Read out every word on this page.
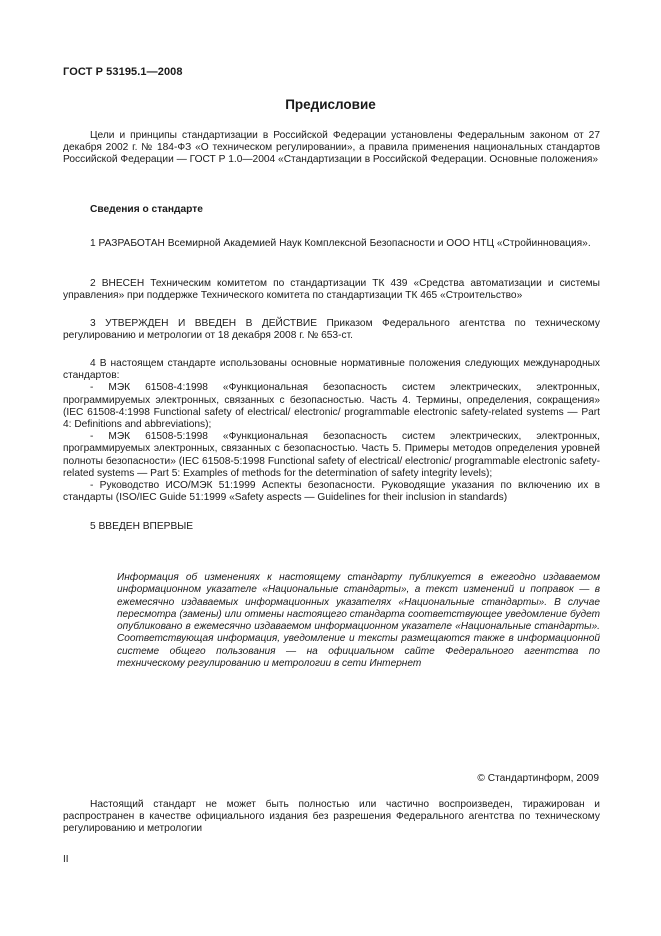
ГОСТ Р 53195.1—2008
Предисловие

Цели и принципы стандартизации в Российской Федерации установлены Федеральным законом от 27 декабря 2002 г. № 184-ФЗ «О техническом регулировании», а правила применения национальных стандартов Российской Федерации — ГОСТ Р 1.0—2004 «Стандартизации в Российской Федерации. Основные положения»

Сведения о стандарте

1 РАЗРАБОТАН Всемирной Академией Наук Комплексной Безопасности и ООО НТЦ «Стройинновация».

2 ВНЕСЕН Техническим комитетом по стандартизации ТК 439 «Средства автоматизации и системы управления» при поддержке Технического комитета по стандартизации ТК 465 «Строительство»

3 УТВЕРЖДЕН И ВВЕДЕН В ДЕЙСТВИЕ Приказом Федерального агентства по техническому регулированию и метрологии от 18 декабря 2008 г. № 653-ст.

4 В настоящем стандарте использованы основные нормативные положения следующих международных стандартов:
- МЭК 61508-4:1998 «Функциональная безопасность систем электрических, электронных, программируемых электронных, связанных с безопасностью. Часть 4. Термины, определения, сокращения» (IEC 61508-4:1998 Functional safety of electrical/ electronic/ programmable electronic safety-related systems — Part 4: Definitions and abbreviations);
- МЭК 61508-5:1998 «Функциональная безопасность систем электрических, электронных, программируемых электронных, связанных с безопасностью. Часть 5. Примеры методов определения уровней полноты безопасности» (IEC 61508-5:1998 Functional safety of electrical/ electronic/ programmable electronic safety-related systems — Part 5: Examples of methods for the determination of safety integrity levels);
- Руководство ИСО/МЭК 51:1999 Аспекты безопасности. Руководящие указания по включению их в стандарты (ISO/IEC Guide 51:1999 «Safety aspects — Guidelines for their inclusion in standards)

5 ВВЕДЕН ВПЕРВЫЕ

Информация об изменениях к настоящему стандарту публикуется в ежегодно издаваемом информационном указателе «Национальные стандарты», а текст изменений и поправок — в ежемесячно издаваемых информационных указателях «Национальные стандарты». В случае пересмотра (замены) или отмены настоящего стандарта соответствующее уведомление будет опубликовано в ежемесячно издаваемом информационном указателе «Национальные стандарты». Соответствующая информация, уведомление и тексты размещаются также в информационной системе общего пользования — на официальном сайте Федерального агентства по техническому регулированию и метрологии в сети Интернет

© Стандартинформ, 2009

Настоящий стандарт не может быть полностью или частично воспроизведен, тиражирован и распространен в качестве официального издания без разрешения Федерального агентства по техническому регулированию и метрологии

II
